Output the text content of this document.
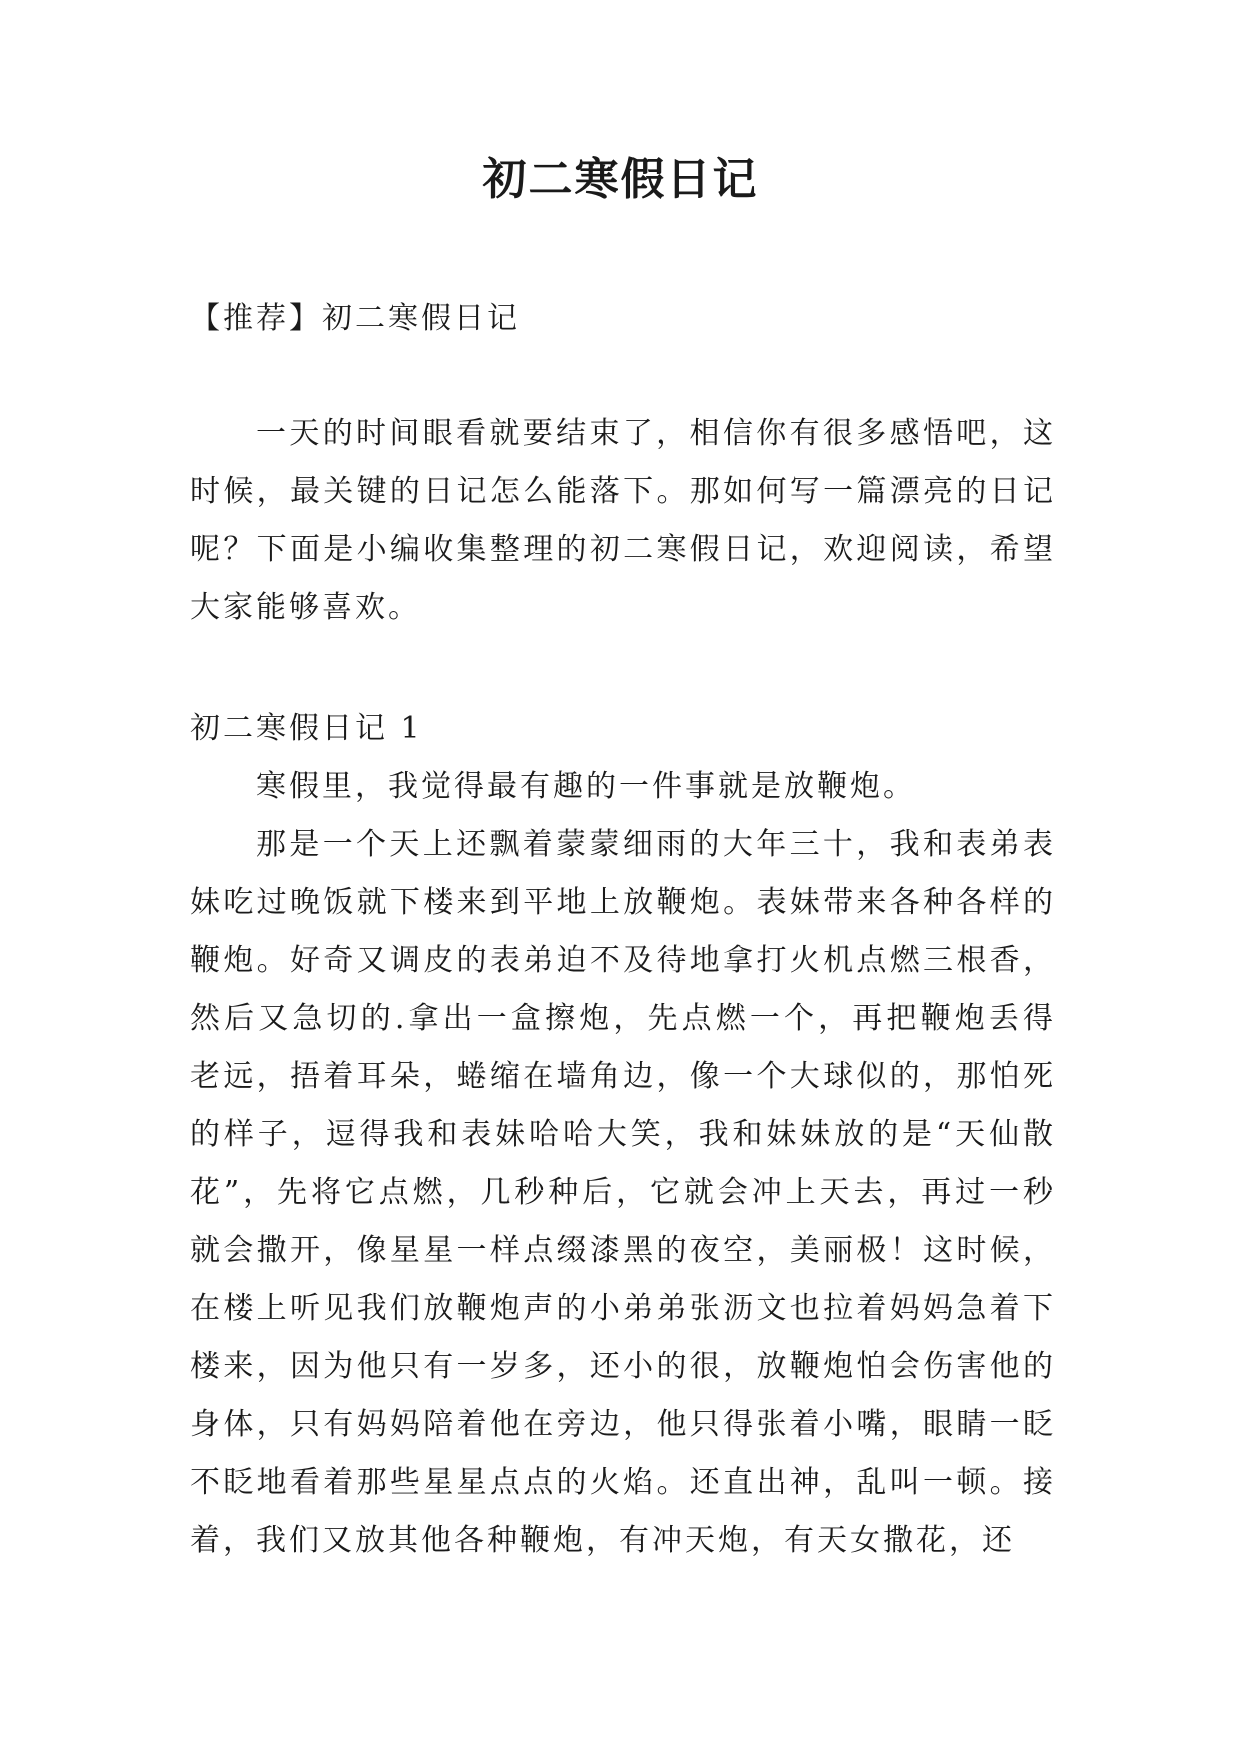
初二寒假日记

【推荐】初二寒假日记

一天的时间眼看就要结束了，相信你有很多感悟吧，这时候，最关键的日记怎么能落下。那如何写一篇漂亮的日记呢？下面是小编收集整理的初二寒假日记，欢迎阅读，希望大家能够喜欢。

初二寒假日记 1

寒假里，我觉得最有趣的一件事就是放鞭炮。

那是一个天上还飘着蒙蒙细雨的大年三十，我和表弟表妹吃过晚饭就下楼来到平地上放鞭炮。表妹带来各种各样的鞭炮。好奇又调皮的表弟迫不及待地拿打火机点燃三根香，然后又急切的.拿出一盒擦炮，先点燃一个，再把鞭炮丢得老远，捂着耳朵，蜷缩在墙角边，像一个大球似的，那怕死的样子，逗得我和表妹哈哈大笑，我和妹妹放的是“天仙散花”，先将它点燃，几秒种后，它就会冲上天去，再过一秒就会撒开，像星星一样点缀漆黑的夜空，美丽极！这时候，在楼上听见我们放鞭炮声的小弟弟张沥文也拉着妈妈急着下楼来，因为他只有一岁多，还小的很，放鞭炮怕会伤害他的身体，只有妈妈陪着他在旁边，他只得张着小嘴，眼睛一眨不眨地看着那些星星点点的火焰。还直出神，乱叫一顿。接着，我们又放其他各种鞭炮，有冲天炮，有天女撒花，还
